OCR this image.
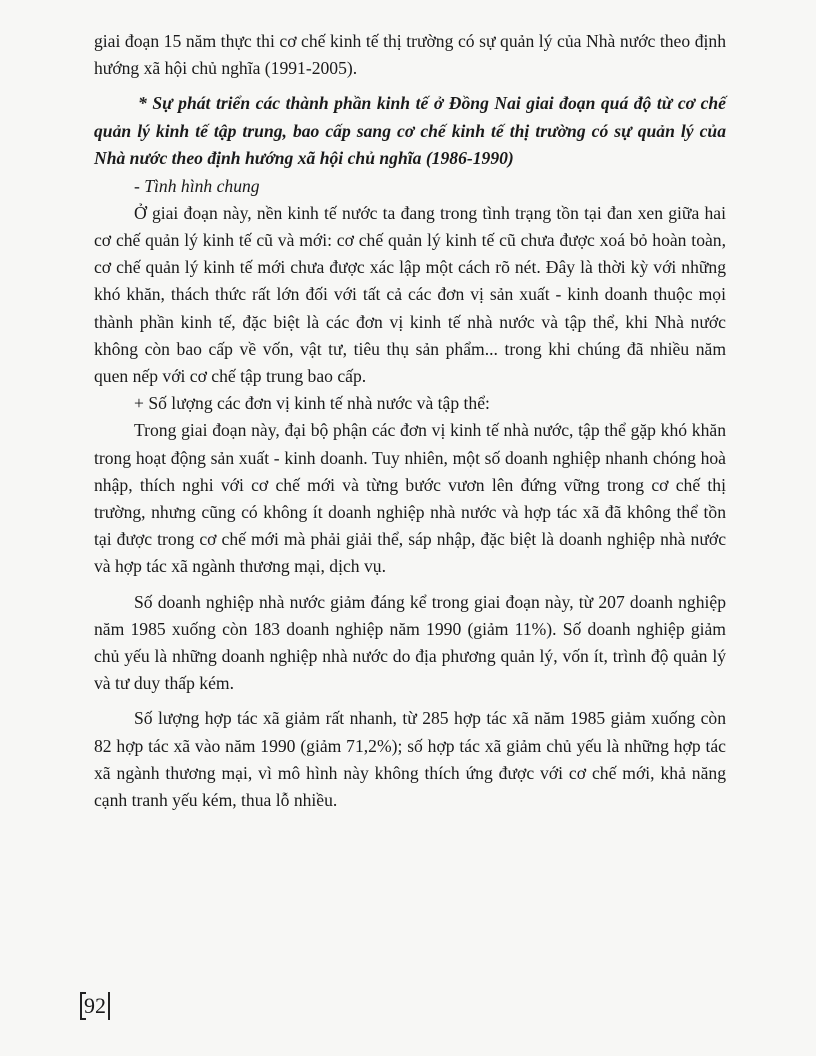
giai đoạn 15 năm thực thi cơ chế kinh tế thị trường có sự quản lý của Nhà nước theo định hướng xã hội chủ nghĩa (1991-2005).

* Sự phát triển các thành phần kinh tế ở Đồng Nai giai đoạn quá độ từ cơ chế quản lý kinh tế tập trung, bao cấp sang cơ chế kinh tế thị trường có sự quản lý của Nhà nước theo định hướng xã hội chủ nghĩa (1986-1990)

- Tình hình chung

Ở giai đoạn này, nền kinh tế nước ta đang trong tình trạng tồn tại đan xen giữa hai cơ chế quản lý kinh tế cũ và mới: cơ chế quản lý kinh tế cũ chưa được xoá bỏ hoàn toàn, cơ chế quản lý kinh tế mới chưa được xác lập một cách rõ nét. Đây là thời kỳ với những khó khăn, thách thức rất lớn đối với tất cả các đơn vị sản xuất - kinh doanh thuộc mọi thành phần kinh tế, đặc biệt là các đơn vị kinh tế nhà nước và tập thể, khi Nhà nước không còn bao cấp về vốn, vật tư, tiêu thụ sản phẩm... trong khi chúng đã nhiều năm quen nếp với cơ chế tập trung bao cấp.

+ Số lượng các đơn vị kinh tế nhà nước và tập thể:

Trong giai đoạn này, đại bộ phận các đơn vị kinh tế nhà nước, tập thể gặp khó khăn trong hoạt động sản xuất - kinh doanh. Tuy nhiên, một số doanh nghiệp nhanh chóng hoà nhập, thích nghi với cơ chế mới và từng bước vươn lên đứng vững trong cơ chế thị trường, nhưng cũng có không ít doanh nghiệp nhà nước và hợp tác xã đã không thể tồn tại được trong cơ chế mới mà phải giải thể, sáp nhập, đặc biệt là doanh nghiệp nhà nước và hợp tác xã ngành thương mại, dịch vụ.

Số doanh nghiệp nhà nước giảm đáng kể trong giai đoạn này, từ 207 doanh nghiệp năm 1985 xuống còn 183 doanh nghiệp năm 1990 (giảm 11%). Số doanh nghiệp giảm chủ yếu là những doanh nghiệp nhà nước do địa phương quản lý, vốn ít, trình độ quản lý và tư duy thấp kém.

Số lượng hợp tác xã giảm rất nhanh, từ 285 hợp tác xã năm 1985 giảm xuống còn 82 hợp tác xã vào năm 1990 (giảm 71,2%); số hợp tác xã giảm chủ yếu là những hợp tác xã ngành thương mại, vì mô hình này không thích ứng được với cơ chế mới, khả năng cạnh tranh yếu kém, thua lỗ nhiều.

92
